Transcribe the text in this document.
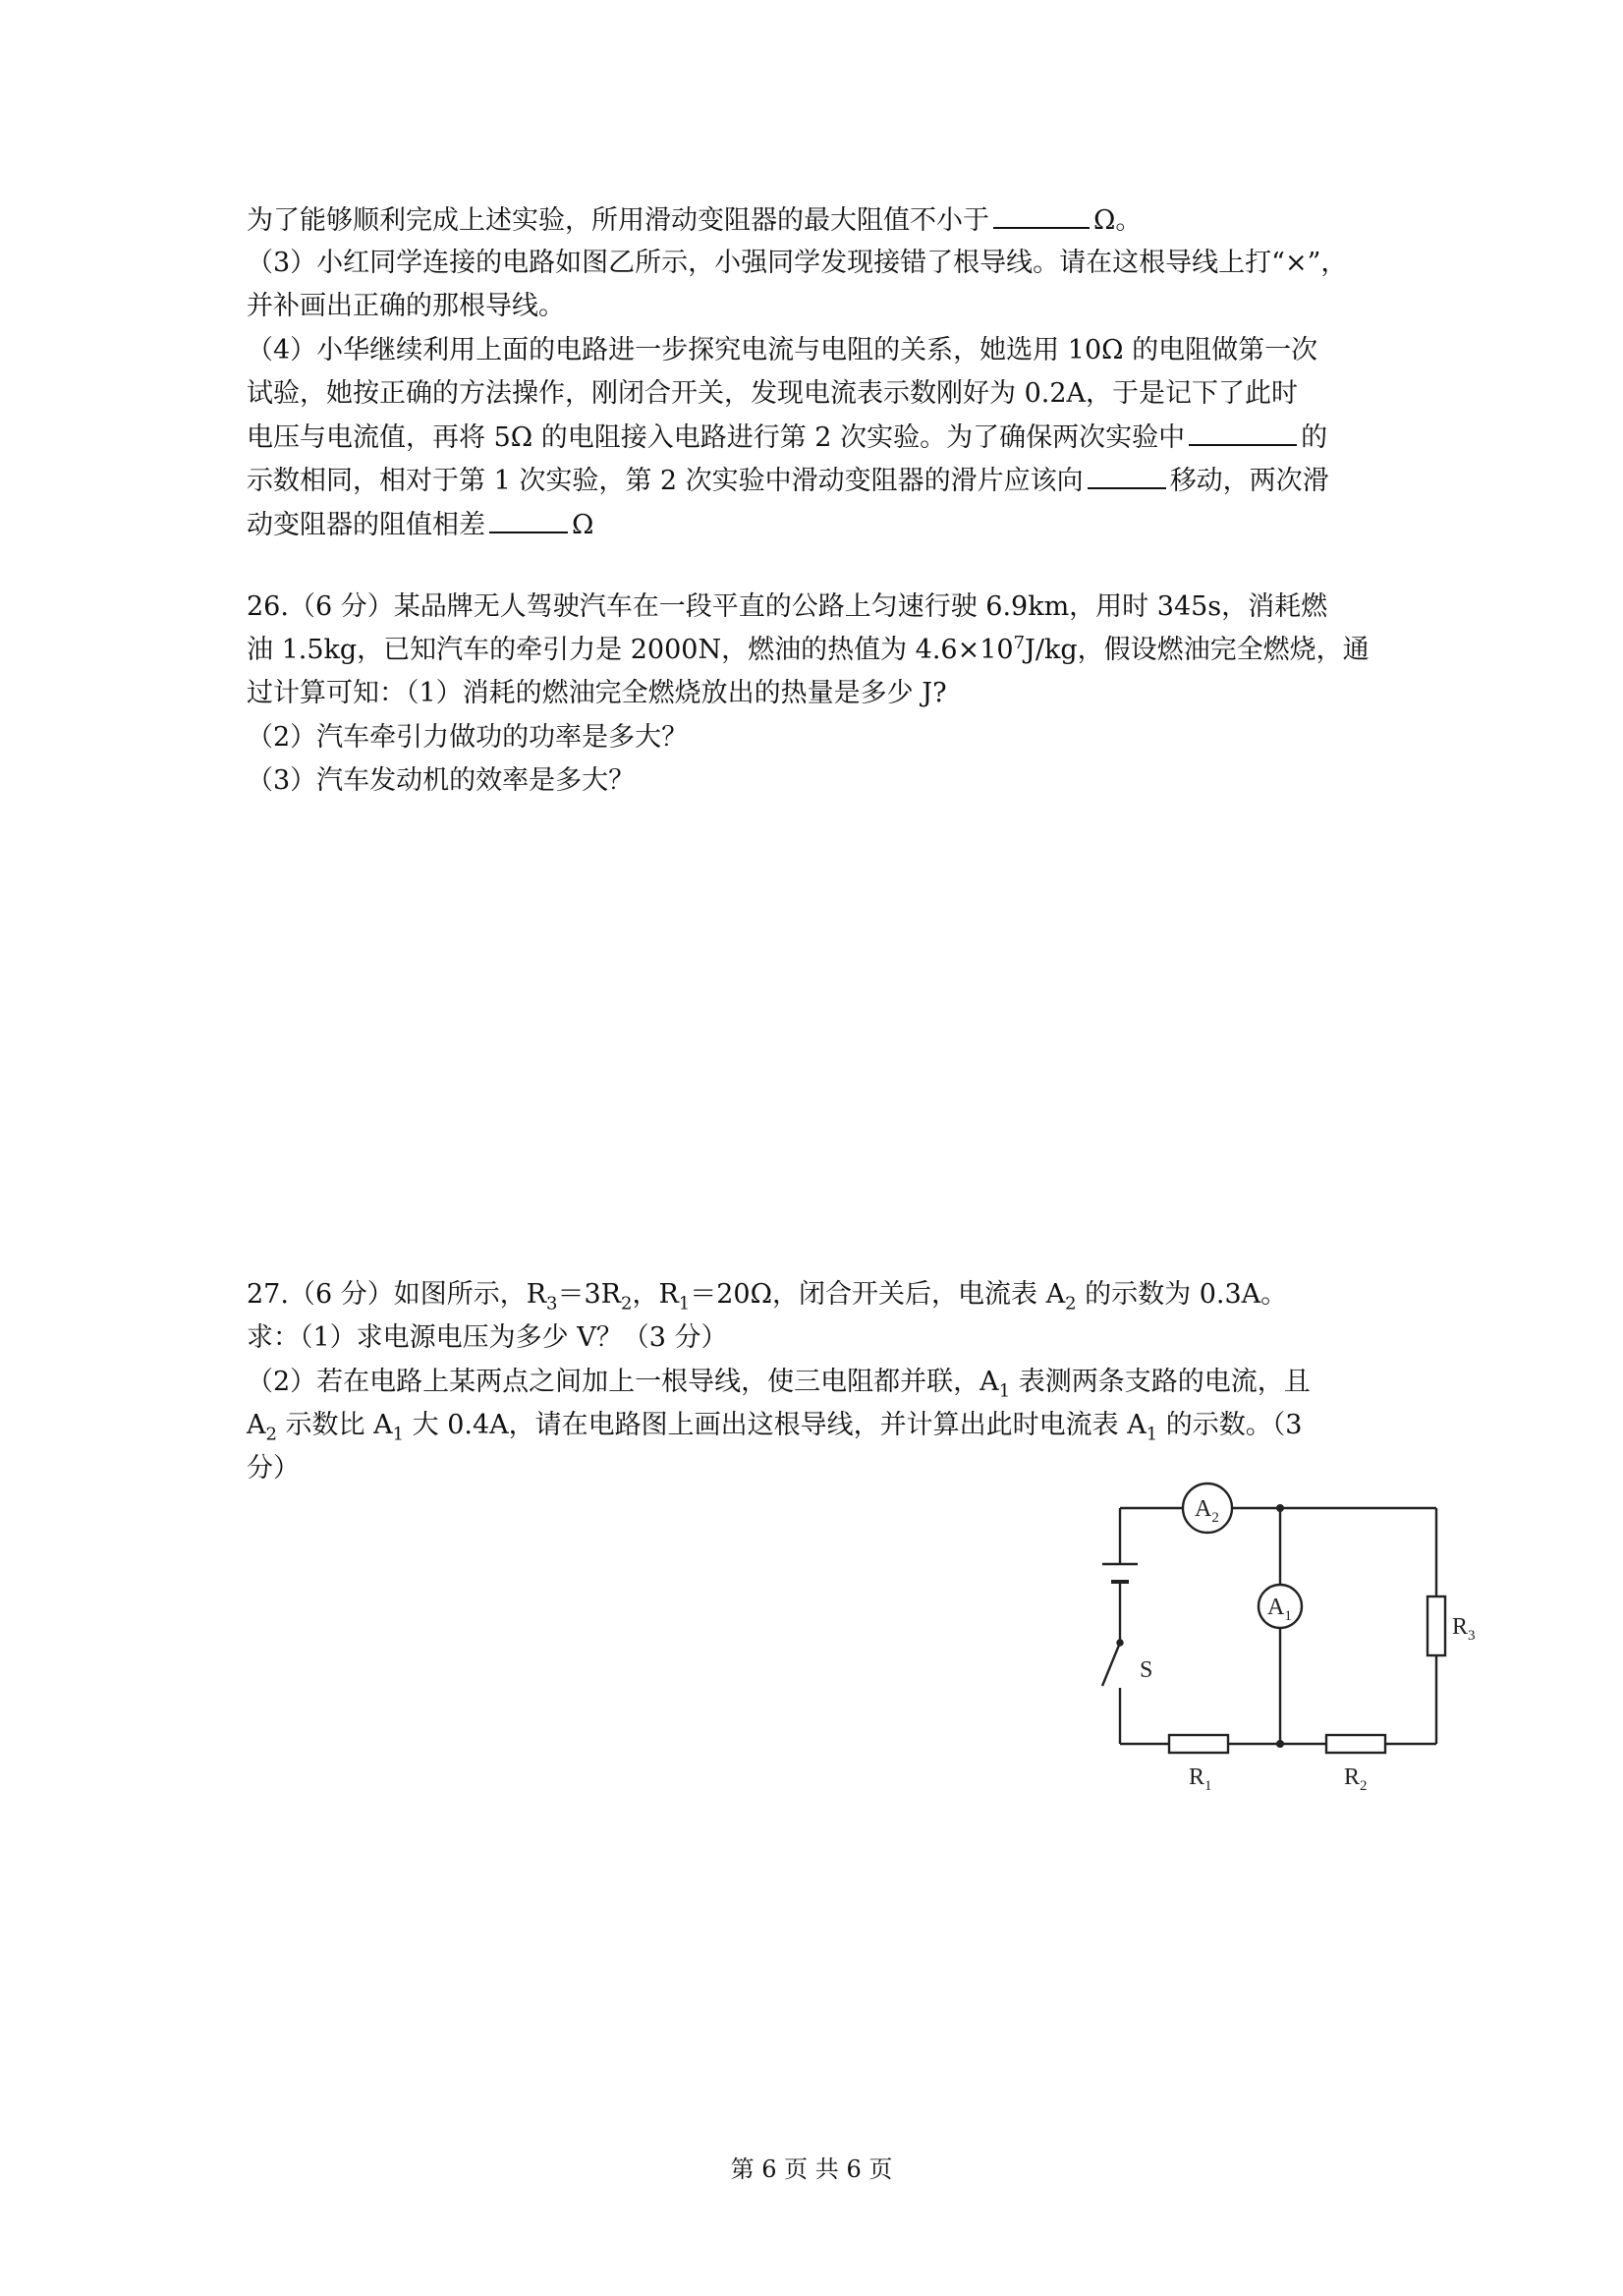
为了能够顺利完成上述实验，所用滑动变阻器的最大阻值不小于	Ω。
（3）小红同学连接的电路如图乙所示，小强同学发现接错了根导线。请在这根导线上打“×”，
并补画出正确的那根导线。
（4）小华继续利用上面的电路进一步探究电流与电阻的关系，她选用 10Ω 的电阻做第一次
试验，她按正确的方法操作，刚闭合开关，发现电流表示数刚好为 0.2A，于是记下了此时
电压与电流值，再将 5Ω 的电阻接入电路进行第 2 次实验。为了确保两次实验中	的
示数相同，相对于第 1 次实验，第 2 次实验中滑动变阻器的滑片应该向	移动，两次滑
动变阻器的阻值相差	Ω
26.（6 分）某品牌无人驾驶汽车在一段平直的公路上匀速行驶 6.9km，用时 345s，消耗燃
油 1.5kg，已知汽车的牵引力是 2000N，燃油的热值为 $4.6\times 10^7J/kg$，假设燃油完全燃烧，通
过计算可知：（1）消耗的燃油完全燃烧放出的热量是多少 J?
（2）汽车牵引力做功的功率是多大？
（3）汽车发动机的效率是多大？
27.（6 分）如图所示，$R_3=3R_2$，$R_1=20\Omega$，闭合开关后，电流表 $A_2$ 的示数为 0.3A。
求：（1）求电源电压为多少 V？（3 分）
（2）若在电路上某两点之间加上一根导线，使三电阻都并联，$A_1$ 表测两条支路的电流，且
$A_2$ 示数比 $A_1$ 大 0.4A，请在电路图上画出这根导线，并计算出此时电流表 $A_1$ 的示数。（3
分）
S
$A_2$
$A_1$	$R_3$
$R_1$	$R_2$
第 6 页 共 6 页
